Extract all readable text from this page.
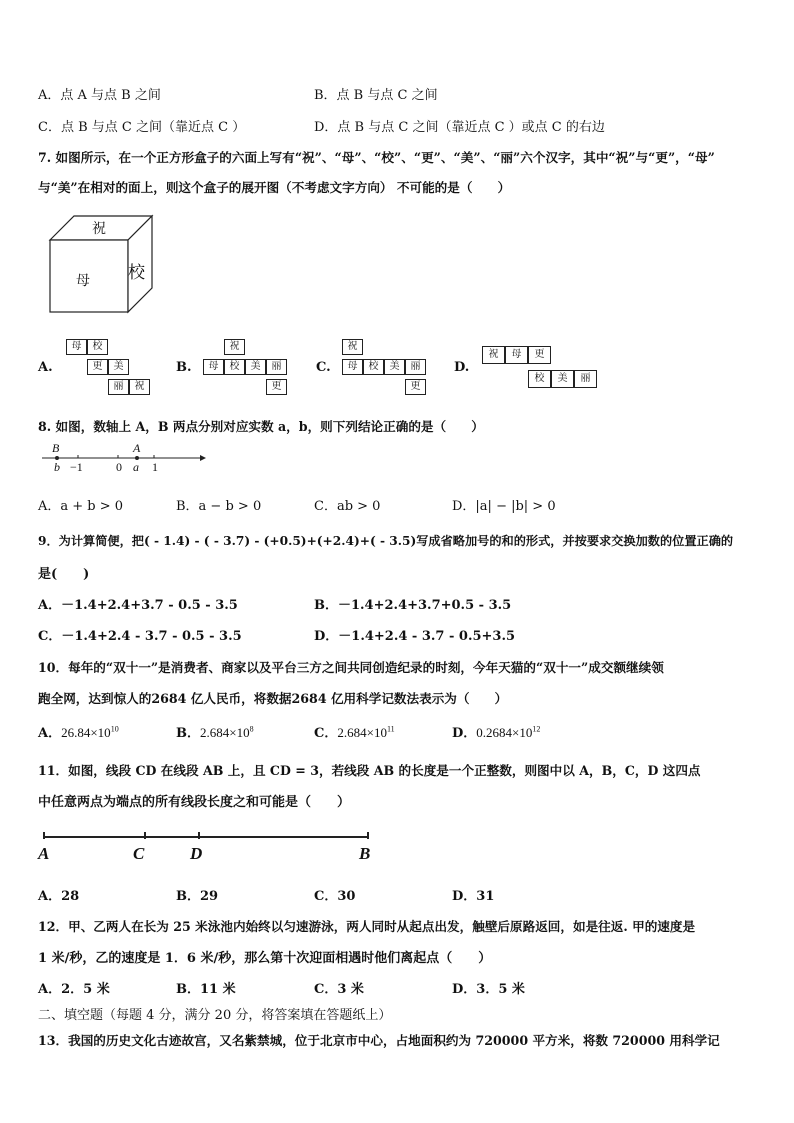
A．点 A 与点 B 之间	B．点 B 与点 C 之间
C．点 B 与点 C 之间（靠近点 C ）	D．点 B 与点 C 之间（靠近点 C ）或点 C 的右边
7. 如图所示，在一个正方形盒子的六面上写有“祝”、“母”、“校”、“更”、“美”、“丽”六个汉字，其中“祝”与“更”，“母”
与“美”在相对的面上，则这个盒子的展开图（不考虑文字方向） 不可能的是（　　）
祝
母 校
A.	B.	C.	D.
母	校
更	美
丽	祝
祝
母	校	美	丽
更
祝
母	校	美	丽
更
祝	母	更
校	美	丽
8. 如图，数轴上 A，B 两点分别对应实数 a，b，则下列结论正确的是（　　）
B	A
b −1	0 a 1
A．a + b > 0	B．a − b > 0	C．ab > 0	D．|a| − |b| > 0
9．为计算简便，把( - 1.4) - ( - 3.7) - (+0.5)+(+2.4)+( - 3.5)写成省略加号的和的形式，并按要求交换加数的位置正确的
是(　　)
A．－1.4+2.4+3.7 - 0.5 - 3.5	B．－1.4+2.4+3.7+0.5 - 3.5
C．－1.4+2.4 - 3.7 - 0.5 - 3.5	D．－1.4+2.4 - 3.7 - 0.5+3.5
10．每年的“双十一”是消费者、商家以及平台三方之间共同创造纪录的时刻，今年天猫的“双十一”成交额继续领
跑全网，达到惊人的2684 亿人民币，将数据2684 亿用科学记数法表示为（　　）
A．$26.84\times 10^{10}$	B．$2.684\times 10^8$	C．$2.684\times 10^{11}$	D．$0.2684\times 10^{12}$
11．如图，线段 CD 在线段 AB 上，且 CD = 3，若线段 AB 的长度是一个正整数，则图中以 A，B，C，D 这四点
中任意两点为端点的所有线段长度之和可能是（　　）
A	C	D	B
A．28	B．29	C．30	D．31
12．甲、乙两人在长为 25 米泳池内始终以匀速游泳，两人同时从起点出发，触壁后原路返回，如是往返. 甲的速度是
1 米/秒，乙的速度是 1．6 米/秒，那么第十次迎面相遇时他们离起点（　　）
A．2．5 米	B．11 米	C．3 米	D．3．5 米
二、填空题（每题 4 分，满分 20 分，将答案填在答题纸上）
13．我国的历史文化古迹故宫，又名紫禁城，位于北京市中心，占地面积约为 720000 平方米，将数 720000 用科学记
